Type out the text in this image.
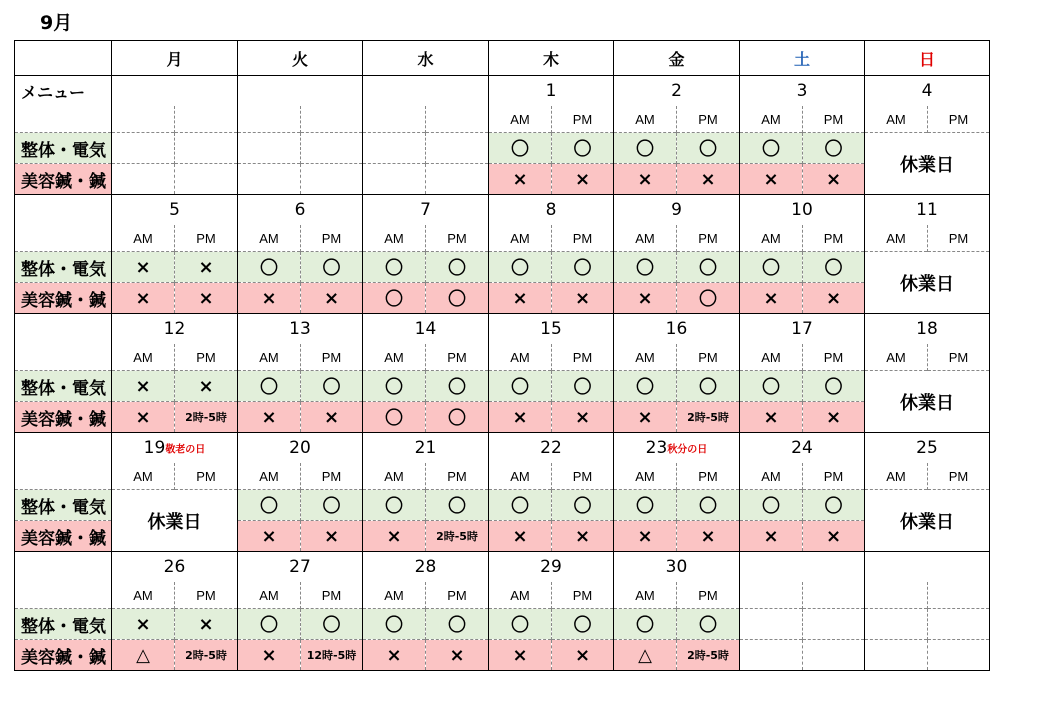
9月
	月		火		水		木		金		土		日	
メニュー							1		2		3		4	
							AM	PM	AM	PM	AM	PM	AM	PM
整体・電気							〇	〇	〇	〇	〇	〇	休業日	
美容鍼・鍼							×	×	×	×	×	×		
	5		6		7		8		9		10		11	
	AM	PM	AM	PM	AM	PM	AM	PM	AM	PM	AM	PM	AM	PM
整体・電気	×	×	〇	〇	〇	〇	〇	〇	〇	〇	〇	〇	休業日	
美容鍼・鍼	×	×	×	×	〇	〇	×	×	×	〇	×	×		
	12		13		14		15		16		17		18	
	AM	PM	AM	PM	AM	PM	AM	PM	AM	PM	AM	PM	AM	PM
整体・電気	×	×	〇	〇	〇	〇	〇	〇	〇	〇	〇	〇	休業日	
美容鍼・鍼	×	2時-5時	×	×	〇	〇	×	×	×	2時-5時	×	×		
	19敬老の日		20		21		22		23秋分の日		24		25	
	AM	PM	AM	PM	AM	PM	AM	PM	AM	PM	AM	PM	AM	PM
整体・電気	休業日		〇	〇	〇	〇	〇	〇	〇	〇	〇	〇	休業日	
美容鍼・鍼			×	×	×	2時-5時	×	×	×	×	×	×		
	26		27		28		29		30					
	AM	PM	AM	PM	AM	PM	AM	PM	AM	PM				
整体・電気	×	×	〇	〇	〇	〇	〇	〇	〇	〇				
美容鍼・鍼	△	2時-5時	×	12時-5時	×	×	×	×	△	2時-5時				
